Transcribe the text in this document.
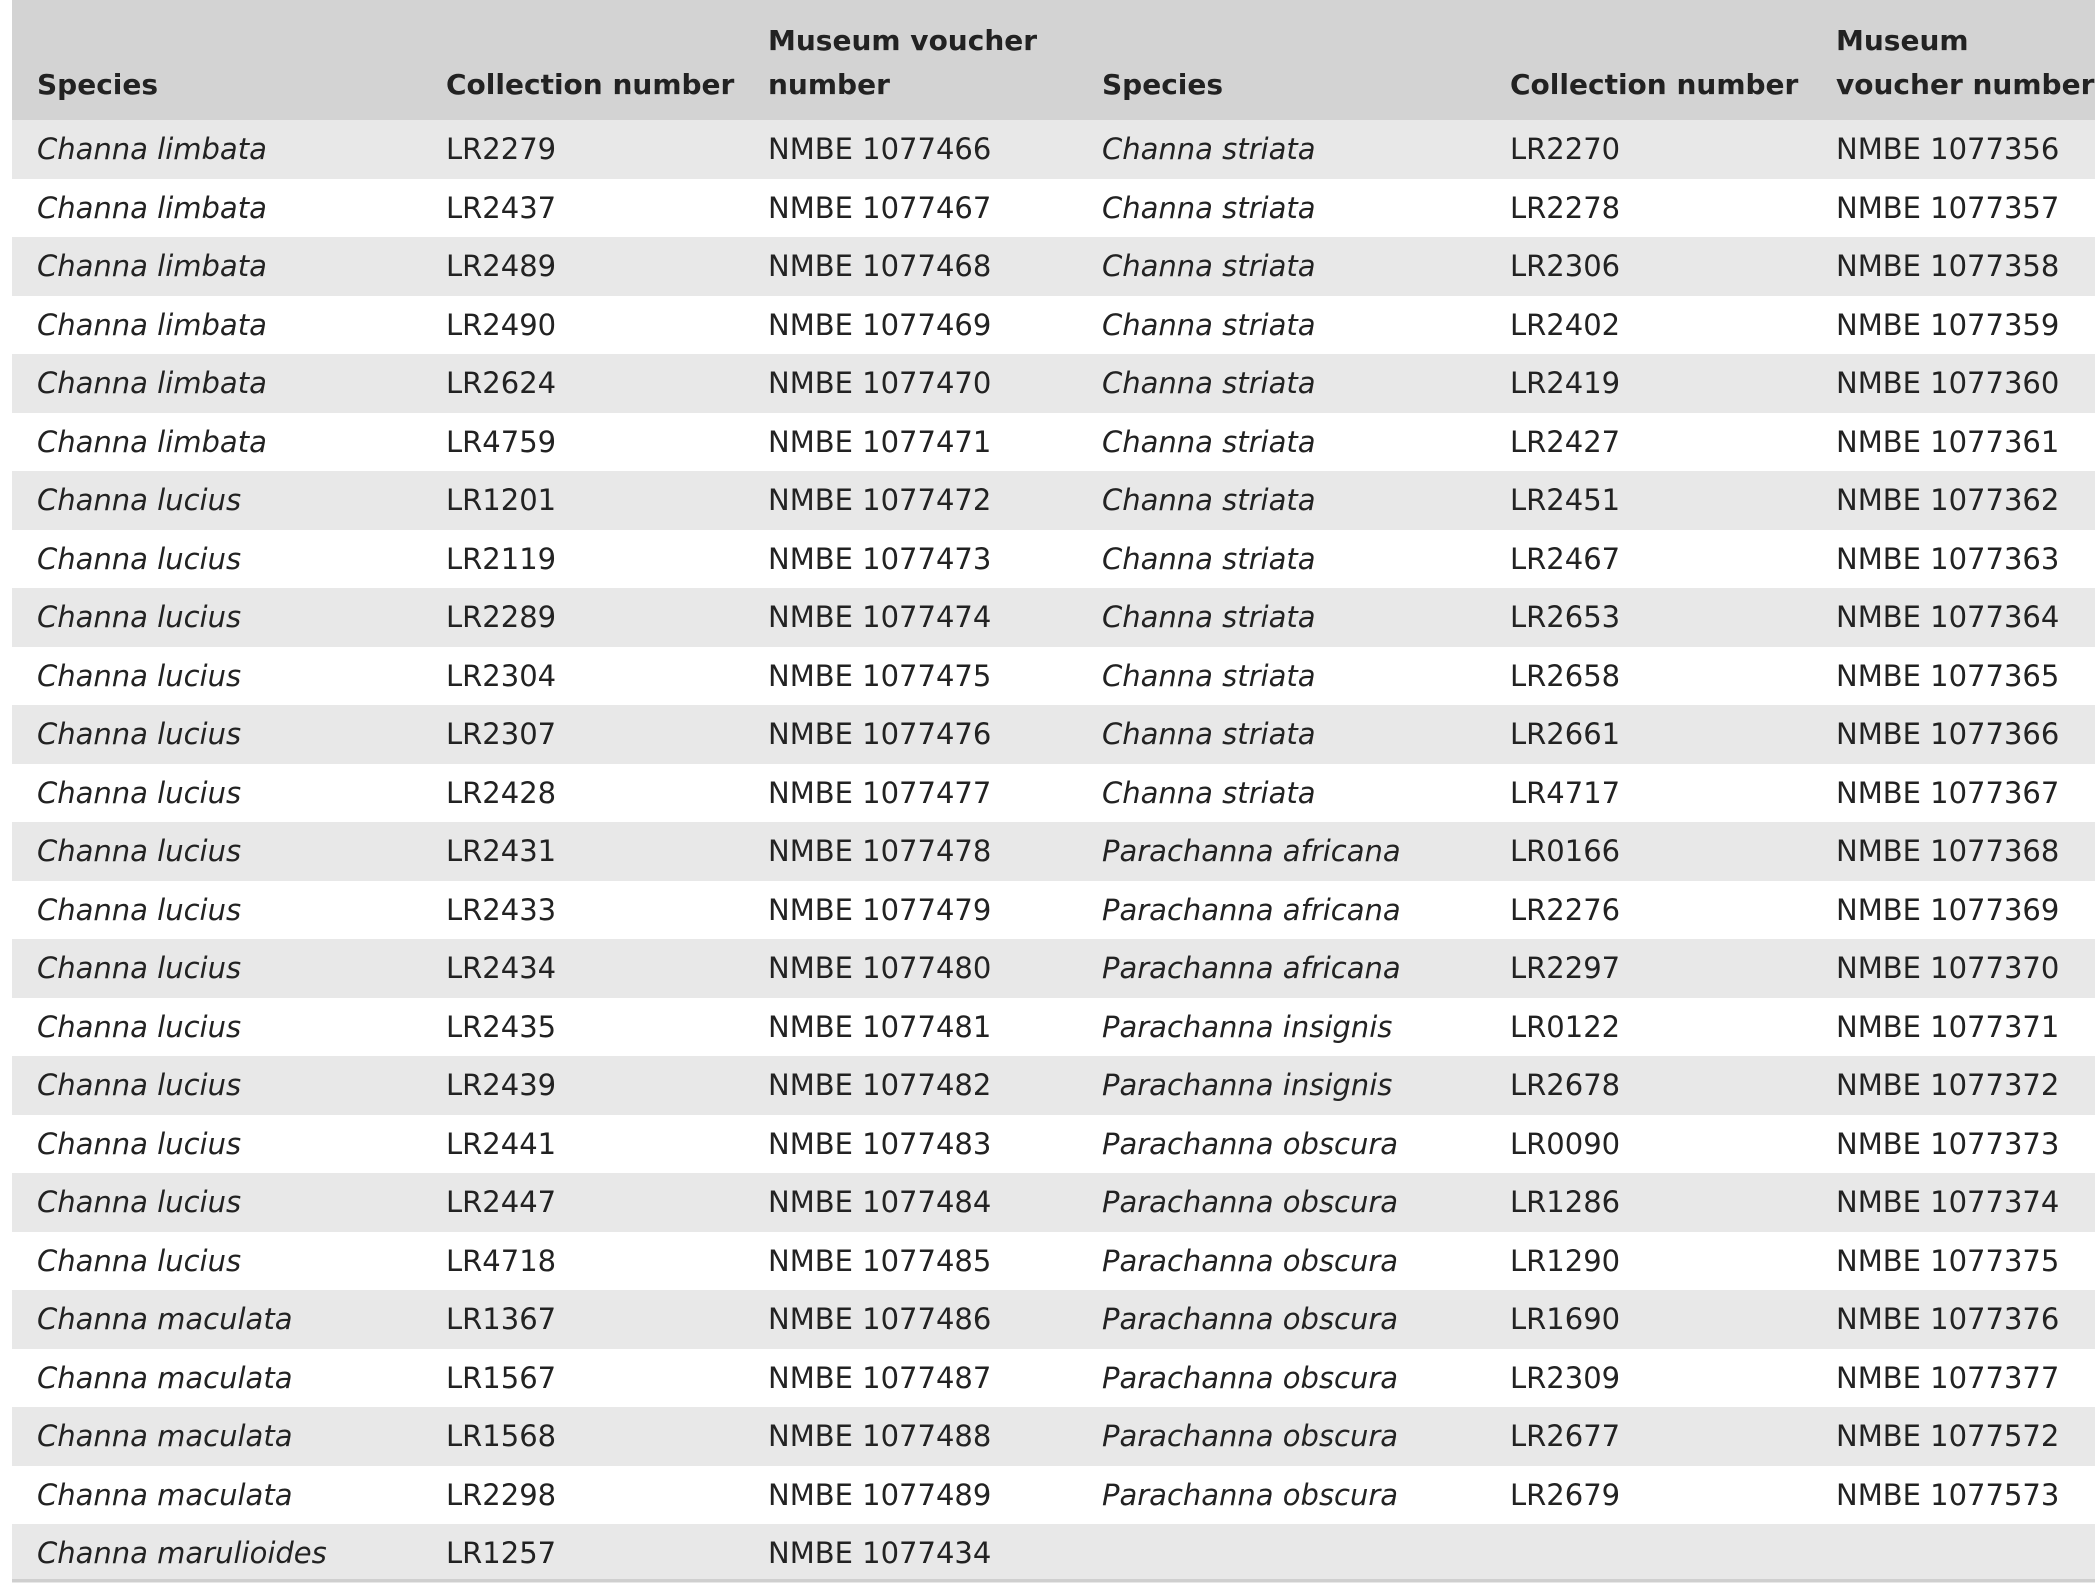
Species	Collection number	Museum voucher number	Species	Collection number	Museum voucher number
Channa limbata	LR2279	NMBE 1077466	Channa striata	LR2270	NMBE 1077356
Channa limbata	LR2437	NMBE 1077467	Channa striata	LR2278	NMBE 1077357
Channa limbata	LR2489	NMBE 1077468	Channa striata	LR2306	NMBE 1077358
Channa limbata	LR2490	NMBE 1077469	Channa striata	LR2402	NMBE 1077359
Channa limbata	LR2624	NMBE 1077470	Channa striata	LR2419	NMBE 1077360
Channa limbata	LR4759	NMBE 1077471	Channa striata	LR2427	NMBE 1077361
Channa lucius	LR1201	NMBE 1077472	Channa striata	LR2451	NMBE 1077362
Channa lucius	LR2119	NMBE 1077473	Channa striata	LR2467	NMBE 1077363
Channa lucius	LR2289	NMBE 1077474	Channa striata	LR2653	NMBE 1077364
Channa lucius	LR2304	NMBE 1077475	Channa striata	LR2658	NMBE 1077365
Channa lucius	LR2307	NMBE 1077476	Channa striata	LR2661	NMBE 1077366
Channa lucius	LR2428	NMBE 1077477	Channa striata	LR4717	NMBE 1077367
Channa lucius	LR2431	NMBE 1077478	Parachanna africana	LR0166	NMBE 1077368
Channa lucius	LR2433	NMBE 1077479	Parachanna africana	LR2276	NMBE 1077369
Channa lucius	LR2434	NMBE 1077480	Parachanna africana	LR2297	NMBE 1077370
Channa lucius	LR2435	NMBE 1077481	Parachanna insignis	LR0122	NMBE 1077371
Channa lucius	LR2439	NMBE 1077482	Parachanna insignis	LR2678	NMBE 1077372
Channa lucius	LR2441	NMBE 1077483	Parachanna obscura	LR0090	NMBE 1077373
Channa lucius	LR2447	NMBE 1077484	Parachanna obscura	LR1286	NMBE 1077374
Channa lucius	LR4718	NMBE 1077485	Parachanna obscura	LR1290	NMBE 1077375
Channa maculata	LR1367	NMBE 1077486	Parachanna obscura	LR1690	NMBE 1077376
Channa maculata	LR1567	NMBE 1077487	Parachanna obscura	LR2309	NMBE 1077377
Channa maculata	LR1568	NMBE 1077488	Parachanna obscura	LR2677	NMBE 1077572
Channa maculata	LR2298	NMBE 1077489	Parachanna obscura	LR2679	NMBE 1077573
Channa marulioides	LR1257	NMBE 1077434			
